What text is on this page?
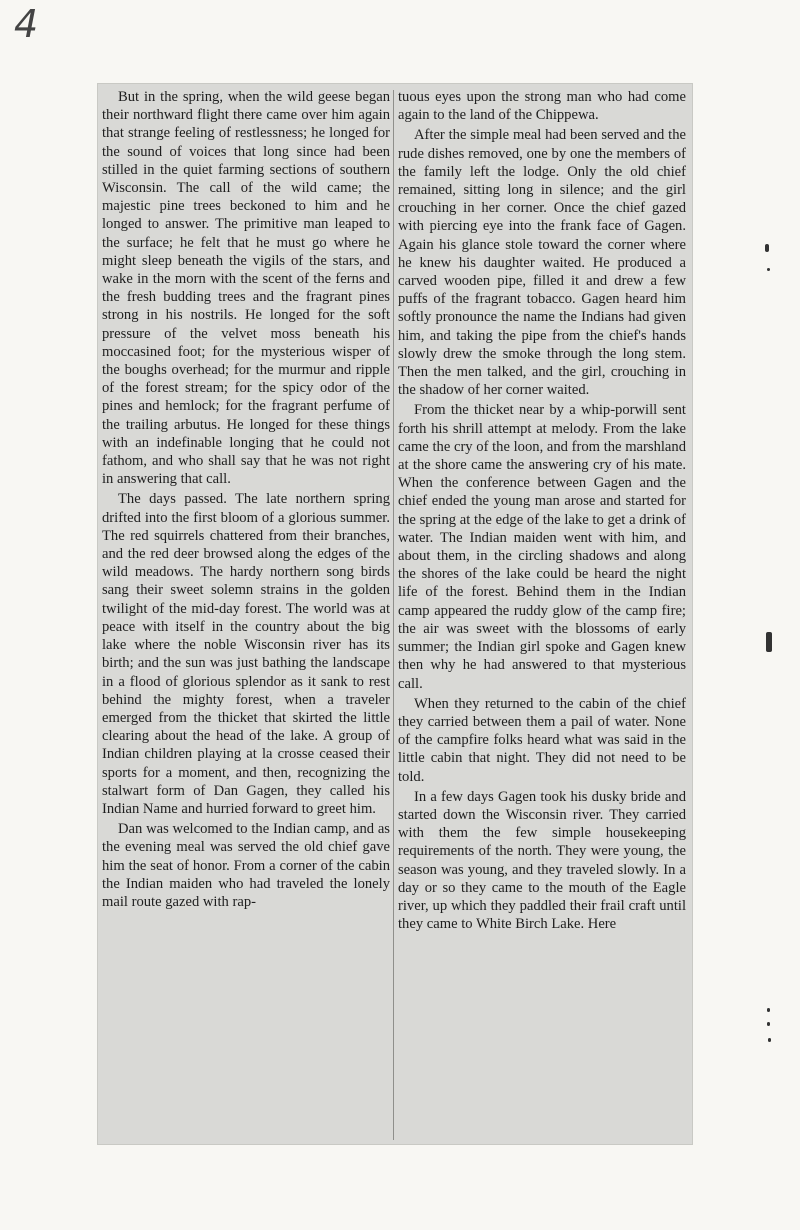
4

But in the spring, when the wild geese began their northward flight there came over him again that strange feeling of restlessness; he longed for the sound of voices that long since had been stilled in the quiet farming sections of southern Wisconsin. The call of the wild came; the majestic pine trees beckoned to him and he longed to answer. The primitive man leaped to the surface; he felt that he must go where he might sleep beneath the vigils of the stars, and wake in the morn with the scent of the ferns and the fresh budding trees and the fragrant pines strong in his nostrils. He longed for the soft pressure of the velvet moss beneath his moccasined foot; for the mysterious wisper of the boughs overhead; for the murmur and ripple of the forest stream; for the spicy odor of the pines and hemlock; for the fragrant perfume of the trailing arbutus. He longed for these things with an indefinable longing that he could not fathom, and who shall say that he was not right in answering that call.

The days passed. The late northern spring drifted into the first bloom of a glorious summer. The red squirrels chattered from their branches, and the red deer browsed along the edges of the wild meadows. The hardy northern song birds sang their sweet solemn strains in the golden twilight of the mid-day forest. The world was at peace with itself in the country about the big lake where the noble Wisconsin river has its birth; and the sun was just bathing the landscape in a flood of glorious splendor as it sank to rest behind the mighty forest, when a traveler emerged from the thicket that skirted the little clearing about the head of the lake. A group of Indian children playing at la crosse ceased their sports for a moment, and then, recognizing the stalwart form of Dan Gagen, they called his Indian Name and hurried forward to greet him.

Dan was welcomed to the Indian camp, and as the evening meal was served the old chief gave him the seat of honor. From a corner of the cabin the Indian maiden who had traveled the lonely mail route gazed with rap-

tuous eyes upon the strong man who had come again to the land of the Chippewa.

After the simple meal had been served and the rude dishes removed, one by one the members of the family left the lodge. Only the old chief remained, sitting long in silence; and the girl crouching in her corner. Once the chief gazed with piercing eye into the frank face of Gagen. Again his glance stole toward the corner where he knew his daughter waited. He produced a carved wooden pipe, filled it and drew a few puffs of the fragrant tobacco. Gagen heard him softly pronounce the name the Indians had given him, and taking the pipe from the chief's hands slowly drew the smoke through the long stem. Then the men talked, and the girl, crouching in the shadow of her corner waited.

From the thicket near by a whip-porwill sent forth his shrill attempt at melody. From the lake came the cry of the loon, and from the marshland at the shore came the answering cry of his mate. When the conference between Gagen and the chief ended the young man arose and started for the spring at the edge of the lake to get a drink of water. The Indian maiden went with him, and about them, in the circling shadows and along the shores of the lake could be heard the night life of the forest. Behind them in the Indian camp appeared the ruddy glow of the camp fire; the air was sweet with the blossoms of early summer; the Indian girl spoke and Gagen knew then why he had answered to that mysterious call.

When they returned to the cabin of the chief they carried between them a pail of water. None of the campfire folks heard what was said in the little cabin that night. They did not need to be told.

In a few days Gagen took his dusky bride and started down the Wisconsin river. They carried with them the few simple housekeeping requirements of the north. They were young, the season was young, and they traveled slowly. In a day or so they came to the mouth of the Eagle river, up which they paddled their frail craft until they came to White Birch Lake. Here
